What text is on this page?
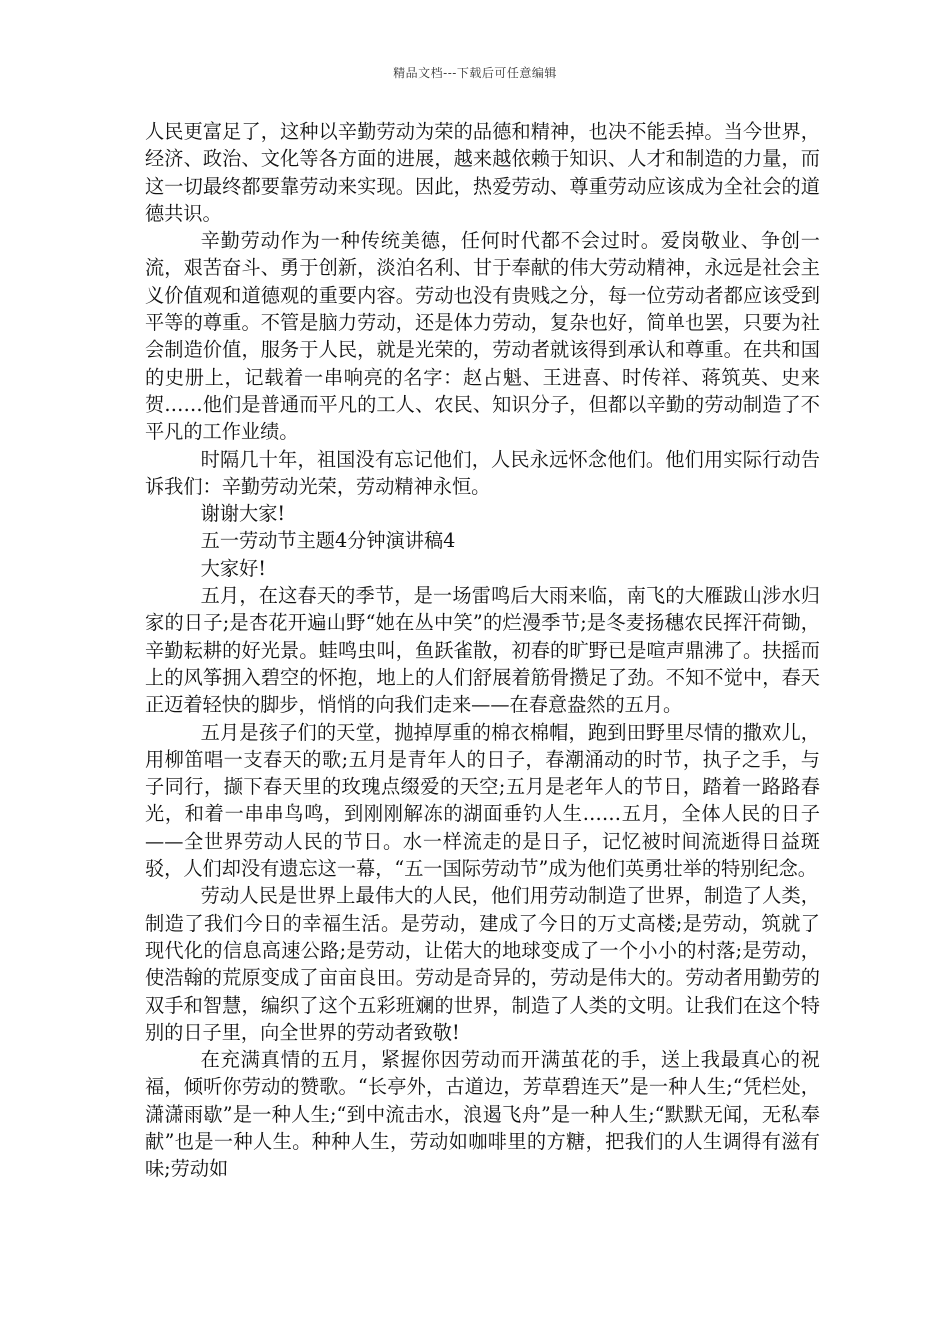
精品文档---下载后可任意编辑

人民更富足了，这种以辛勤劳动为荣的品德和精神，也决不能丢掉。当今世界，经济、政治、文化等各方面的进展，越来越依赖于知识、人才和制造的力量，而这一切最终都要靠劳动来实现。因此，热爱劳动、尊重劳动应该成为全社会的道德共识。

辛勤劳动作为一种传统美德，任何时代都不会过时。爱岗敬业、争创一流，艰苦奋斗、勇于创新，淡泊名利、甘于奉献的伟大劳动精神，永远是社会主义价值观和道德观的重要内容。劳动也没有贵贱之分，每一位劳动者都应该受到平等的尊重。不管是脑力劳动，还是体力劳动，复杂也好，简单也罢，只要为社会制造价值，服务于人民，就是光荣的，劳动者就该得到承认和尊重。在共和国的史册上，记载着一串响亮的名字：赵占魁、王进喜、时传祥、蒋筑英、史来贺……他们是普通而平凡的工人、农民、知识分子，但都以辛勤的劳动制造了不平凡的工作业绩。

时隔几十年，祖国没有忘记他们，人民永远怀念他们。他们用实际行动告诉我们：辛勤劳动光荣，劳动精神永恒。

谢谢大家!

五一劳动节主题4分钟演讲稿4

大家好!

五月，在这春天的季节，是一场雷鸣后大雨来临，南飞的大雁跋山涉水归家的日子;是杏花开遍山野“她在丛中笑”的烂漫季节;是冬麦扬穗农民挥汗荷锄，辛勤耘耕的好光景。蛙鸣虫叫，鱼跃雀散，初春的旷野已是喧声鼎沸了。扶摇而上的风筝拥入碧空的怀抱，地上的人们舒展着筋骨攒足了劲。不知不觉中，春天正迈着轻快的脚步，悄悄的向我们走来——在春意盎然的五月。

五月是孩子们的天堂，抛掉厚重的棉衣棉帽，跑到田野里尽情的撒欢儿，用柳笛唱一支春天的歌;五月是青年人的日子，春潮涌动的时节，执子之手，与子同行，撷下春天里的玫瑰点缀爱的天空;五月是老年人的节日，踏着一路路春光，和着一串串鸟鸣，到刚刚解冻的湖面垂钓人生……五月，全体人民的日子——全世界劳动人民的节日。水一样流走的是日子，记忆被时间流逝得日益斑驳，人们却没有遗忘这一幕，“五一国际劳动节”成为他们英勇壮举的特别纪念。

劳动人民是世界上最伟大的人民，他们用劳动制造了世界，制造了人类，制造了我们今日的幸福生活。是劳动，建成了今日的万丈高楼;是劳动，筑就了现代化的信息高速公路;是劳动，让偌大的地球变成了一个小小的村落;是劳动，使浩翰的荒原变成了亩亩良田。劳动是奇异的，劳动是伟大的。劳动者用勤劳的双手和智慧，编织了这个五彩班斓的世界，制造了人类的文明。让我们在这个特别的日子里，向全世界的劳动者致敬!

在充满真情的五月，紧握你因劳动而开满茧花的手，送上我最真心的祝福，倾听你劳动的赞歌。“长亭外，古道边，芳草碧连天”是一种人生;“凭栏处，潇潇雨歇”是一种人生;“到中流击水，浪遏飞舟”是一种人生;“默默无闻，无私奉献”也是一种人生。种种人生，劳动如咖啡里的方糖，把我们的人生调得有滋有味;劳动如
